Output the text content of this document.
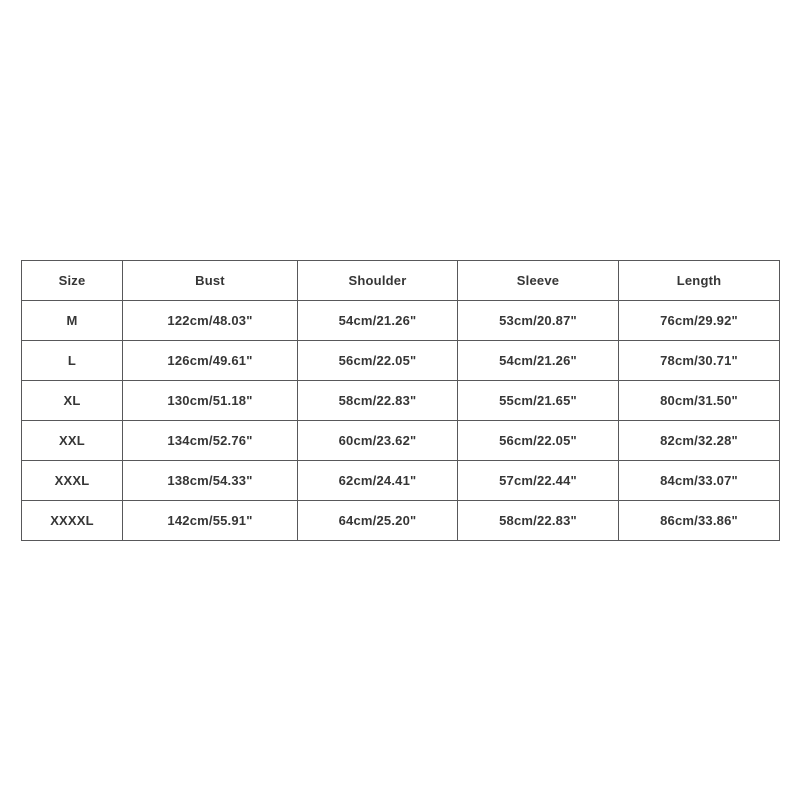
Size	Bust	Shoulder	Sleeve	Length
M	122cm/48.03"	54cm/21.26"	53cm/20.87"	76cm/29.92"
L	126cm/49.61"	56cm/22.05"	54cm/21.26"	78cm/30.71"
XL	130cm/51.18"	58cm/22.83"	55cm/21.65"	80cm/31.50"
XXL	134cm/52.76"	60cm/23.62"	56cm/22.05"	82cm/32.28"
XXXL	138cm/54.33"	62cm/24.41"	57cm/22.44"	84cm/33.07"
XXXXL	142cm/55.91"	64cm/25.20"	58cm/22.83"	86cm/33.86"
